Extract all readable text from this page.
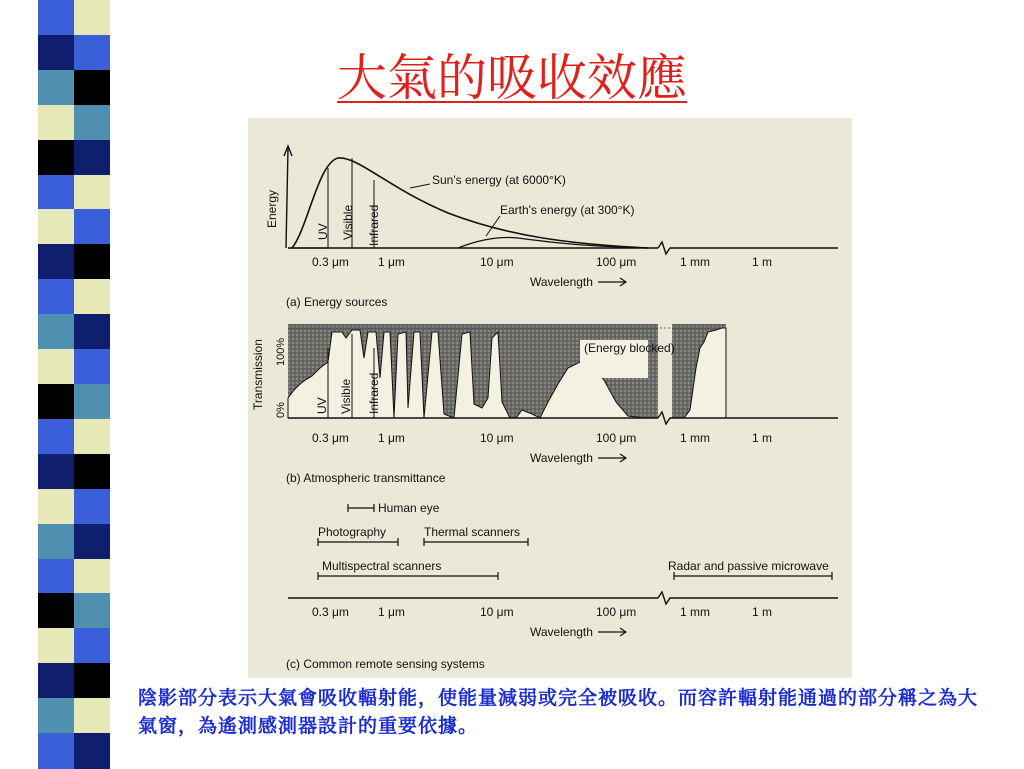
大氣的吸收效應
Energy
UV Visible Infrared
Sun's energy (at 6000°K)
Earth's energy (at 300°K)
0.3 μm 1 μm	10 μm	100 μm	1 mm	1 m
Wavelength
(a) Energy sources
Transmission 100%
0% UV Visible Infrared
(Energy blocked)
0.3 μm 1 μm	10 μm	100 μm	1 mm	1 m
Wavelength
(b) Atmospheric transmittance
Human eye
Photography	Thermal scanners
Multispectral scanners	Radar and passive microwave
0.3 μm 1 μm	10 μm	100 μm	1 mm	1 m
Wavelength
(c) Common remote sensing systems
陰影部分表示大氣會吸收輻射能，使能量減弱或完全被吸收。而容許輻射能通過的部分稱之為大氣窗，為遙測感測器設計的重要依據。
